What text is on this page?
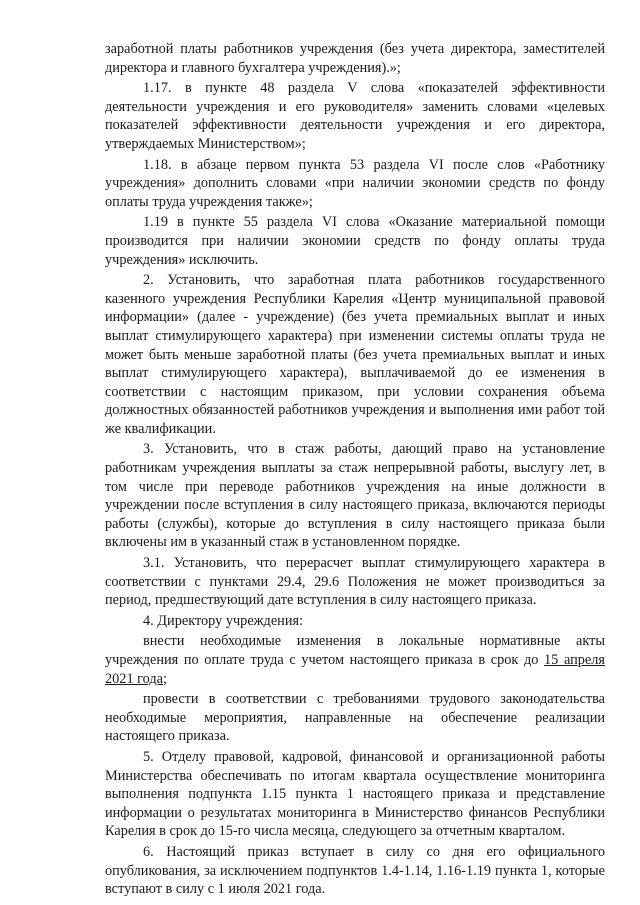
заработной платы работников учреждения (без учета директора, заместителей директора и главного бухгалтера учреждения).»;

1.17. в пункте 48 раздела V слова «показателей эффективности деятельности учреждения и его руководителя» заменить словами «целевых показателей эффективности деятельности учреждения и его директора, утверждаемых Министерством»;

1.18. в абзаце первом пункта 53 раздела VI после слов «Работнику учреждения» дополнить словами «при наличии экономии средств по фонду оплаты труда учреждения также»;

1.19 в пункте 55 раздела VI слова «Оказание материальной помощи производится при наличии экономии средств по фонду оплаты труда учреждения» исключить.

2. Установить, что заработная плата работников государственного казенного учреждения Республики Карелия «Центр муниципальной правовой информации» (далее - учреждение) (без учета премиальных выплат и иных выплат стимулирующего характера) при изменении системы оплаты труда не может быть меньше заработной платы (без учета премиальных выплат и иных выплат стимулирующего характера), выплачиваемой до ее изменения в соответствии с настоящим приказом, при условии сохранения объема должностных обязанностей работников учреждения и выполнения ими работ той же квалификации.

3. Установить, что в стаж работы, дающий право на установление работникам учреждения выплаты за стаж непрерывной работы, выслугу лет, в том числе при переводе работников учреждения на иные должности в учреждении после вступления в силу настоящего приказа, включаются периоды работы (службы), которые до вступления в силу настоящего приказа были включены им в указанный стаж в установленном порядке.

3.1. Установить, что перерасчет выплат стимулирующего характера в соответствии с пунктами 29.4, 29.6 Положения не может производиться за период, предшествующий дате вступления в силу настоящего приказа.

4. Директору учреждения:

внести необходимые изменения в локальные нормативные акты учреждения по оплате труда с учетом настоящего приказа в срок до 15 апреля 2021 года;

провести в соответствии с требованиями трудового законодательства необходимые мероприятия, направленные на обеспечение реализации настоящего приказа.

5. Отделу правовой, кадровой, финансовой и организационной работы Министерства обеспечивать по итогам квартала осуществление мониторинга выполнения подпункта 1.15 пункта 1 настоящего приказа и представление информации о результатах мониторинга в Министерство финансов Республики Карелия в срок до 15-го числа месяца, следующего за отчетным кварталом.

6. Настоящий приказ вступает в силу со дня его официального опубликования, за исключением подпунктов 1.4-1.14, 1.16-1.19 пункта 1, которые вступают в силу с 1 июля 2021 года.
